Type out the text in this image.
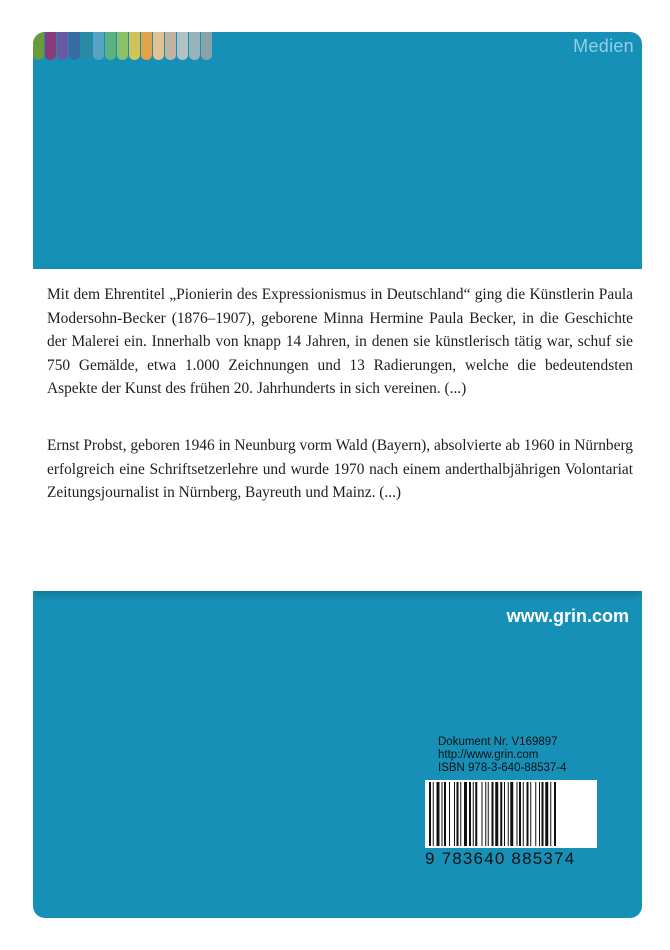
Medien

Mit dem Ehrentitel „Pionierin des Expressionismus in Deutschland“ ging die Künstlerin Paula Modersohn-Becker (1876–1907), geborene Minna Hermine Paula Becker, in die Geschichte der Malerei ein. Innerhalb von knapp 14 Jahren, in denen sie künstlerisch tätig war, schuf sie 750 Gemälde, etwa 1.000 Zeichnungen und 13 Radierungen, welche die bedeutendsten Aspekte der Kunst des frühen 20. Jahrhunderts in sich vereinen. (...)

Ernst Probst, geboren 1946 in Neunburg vorm Wald (Bayern), absolvierte ab 1960 in Nürnberg erfolgreich eine Schriftsetzerlehre und wurde 1970 nach einem anderthalbjährigen Volontariat Zeitungsjournalist in Nürnberg, Bayreuth und Mainz. (...)

www.grin.com
Dokument Nr. V169897
http://www.grin.com
ISBN 978-3-640-88537-4
9 783640 885374
